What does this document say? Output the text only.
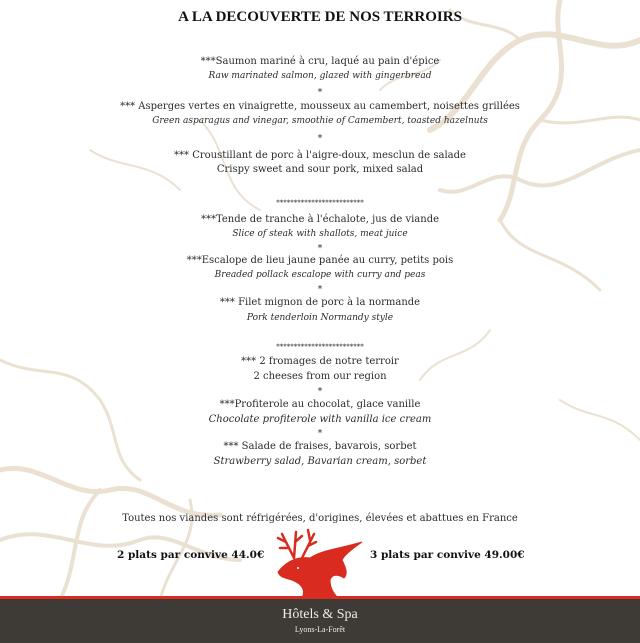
A LA DECOUVERTE DE NOS TERROIRS
***Saumon mariné à cru, laqué au pain d'épice
Raw marinated salmon, glazed with gingerbread
*
*** Asperges vertes en vinaigrette, mousseux au camembert, noisettes grillées
Green asparagus and vinegar, smoothie of Camembert, toasted hazelnuts
*
*** Croustillant de porc à l'aigre-doux, mesclun de salade
Crispy sweet and sour pork, mixed salad
*************************
***Tende de tranche à l'échalote, jus de viande
Slice of steak with shallots, meat juice
*
***Escalope de lieu jaune panée au curry, petits pois
Breaded pollack escalope with curry and peas
*
*** Filet mignon de porc à la normande
Pork tenderloin Normandy style
*************************
*** 2 fromages de notre terroir
2 cheeses from our region
*
***Profiterole au chocolat, glace vanille
Chocolate profiterole with vanilla ice cream
*
*** Salade de fraises, bavarois, sorbet
Strawberry salad, Bavarian cream, sorbet
Toutes nos viandes sont réfrigérées, d'origines, élevées et abattues en France
2 plats par convive 44.0€	3 plats par convive 49.00€
Hôtels & Spa
Lyons-La-Forêt
